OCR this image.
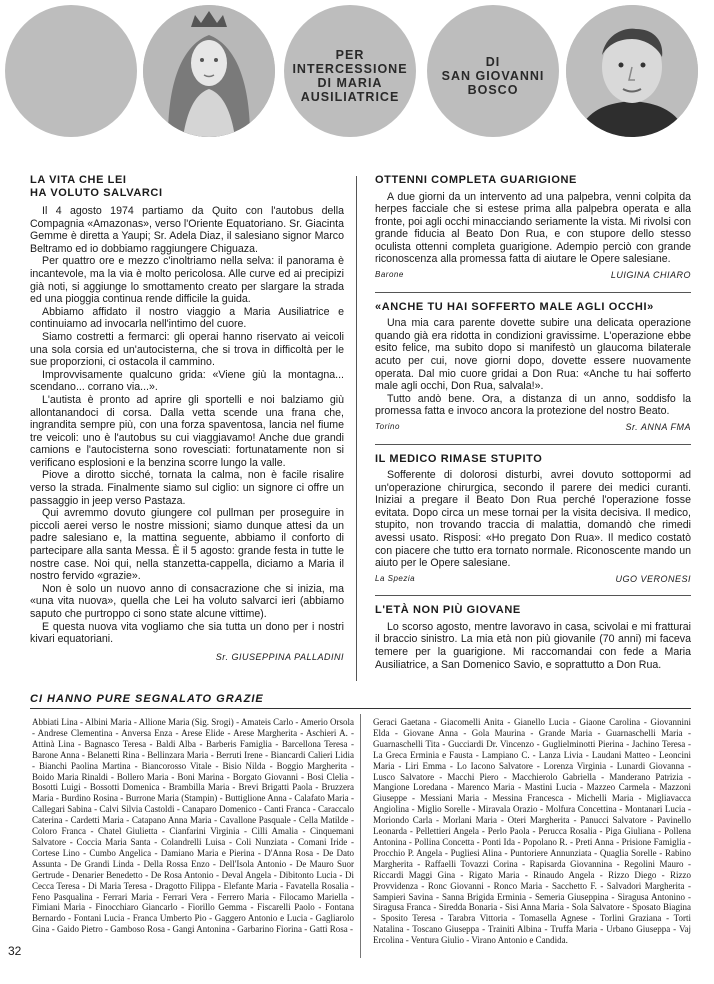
PER
INTERCESSIONE
DI MARIA
AUSILIATRICE
DI
SAN GIOVANNI
BOSCO
LA VITA CHE LEI
HA VOLUTO SALVARCI

Il 4 agosto 1974 partiamo da Quito con l'autobus della Compagnia «Amazonas», verso l'Oriente Equatoriano. Sr. Giacinta Gemme è diretta a Yaupi; Sr. Adela Diaz, il salesiano signor Marco Beltramo ed io dobbiamo raggiungere Chiguaza.

Per quattro ore e mezzo c'inoltriamo nella selva: il panorama è incantevole, ma la via è molto pericolosa. Alle curve ed ai precipizi già noti, si aggiunge lo smottamento creato per slargare la strada ed una pioggia continua rende difficile la guida.

Abbiamo affidato il nostro viaggio a Maria Ausiliatrice e continuiamo ad invocarla nell'intimo del cuore.

Siamo costretti a fermarci: gli operai hanno riservato ai veicoli una sola corsia ed un'autocisterna, che si trova in difficoltà per le sue proporzioni, ci ostacola il cammino.

Improvvisamente qualcuno grida: «Viene giù la montagna... scendano... corrano via...».

L'autista è pronto ad aprire gli sportelli e noi balziamo giù allontanandoci di corsa. Dalla vetta scende una frana che, ingrandita sempre più, con una forza spaventosa, lancia nel fiume tre veicoli: uno è l'autobus su cui viaggiavamo! Anche due grandi camions e l'autocisterna sono rovesciati: fortunatamente non si verificano esplosioni e la benzina scorre lungo la valle.

Piove a dirotto sicché, tornata la calma, non è facile risalire verso la strada. Finalmente siamo sul ciglio: un signore ci offre un passaggio in jeep verso Pastaza.

Qui avremmo dovuto giungere col pullman per proseguire in piccoli aerei verso le nostre missioni; siamo dunque attesi da un padre salesiano e, la mattina seguente, abbiamo il conforto di partecipare alla santa Messa. È il 5 agosto: grande festa in tutte le nostre case. Noi qui, nella stanzetta-cappella, diciamo a Maria il nostro fervido «grazie».

Non è solo un nuovo anno di consacrazione che si inizia, ma «una vita nuova», quella che Lei ha voluto salvarci ieri (abbiamo saputo che purtroppo ci sono state alcune vittime).

E questa nuova vita vogliamo che sia tutta un dono per i nostri kivari equatoriani.

Sr. GIUSEPPINA PALLADINI
OTTENNI COMPLETA GUARIGIONE

A due giorni da un intervento ad una palpebra, venni colpita da herpes facciale che si estese prima alla palpebra operata e alla fronte, poi agli occhi minacciando seriamente la vista. Mi rivolsi con grande fiducia al Beato Don Rua, e con stupore dello stesso oculista ottenni completa guarigione. Adempio perciò con grande riconoscenza alla promessa fatta di aiutare le Opere salesiane.

Barone	LUIGINA CHIARO
«ANCHE TU HAI SOFFERTO MALE AGLI OCCHI»

Una mia cara parente dovette subire una delicata operazione quando già era ridotta in condizioni gravissime. L'operazione ebbe esito felice, ma subito dopo si manifestò un glaucoma bilaterale acuto per cui, nove giorni dopo, dovette essere nuovamente operata. Dal mio cuore gridai a Don Rua: «Anche tu hai sofferto male agli occhi, Don Rua, salvala!».

Tutto andò bene. Ora, a distanza di un anno, soddisfo la promessa fatta e invoco ancora la protezione del nostro Beato.

Torino	Sr. ANNA FMA
IL MEDICO RIMASE STUPITO

Sofferente di dolorosi disturbi, avrei dovuto sottopormi ad un'operazione chirurgica, secondo il parere dei medici curanti. Iniziai a pregare il Beato Don Rua perché l'operazione fosse evitata. Dopo circa un mese tornai per la visita decisiva. Il medico, stupito, non trovando traccia di malattia, domandò che rimedi avessi usato. Risposi: «Ho pregato Don Rua». Il medico costatò con piacere che tutto era tornato normale. Riconoscente mando un aiuto per le Opere salesiane.

La Spezia	UGO VERONESI
L'ETÀ NON PIÙ GIOVANE

Lo scorso agosto, mentre lavoravo in casa, scivolai e mi fratturai il braccio sinistro. La mia età non più giovanile (70 anni) mi faceva temere per la guarigione. Mi raccomandai con fede a Maria Ausiliatrice, a San Domenico Savio, e soprattutto a Don Rua.

CI HANNO PURE SEGNALATO GRAZIE
Abbiati Lina - Albini Maria - Allione Maria (Sig. Srogi) - Amateis Carlo - Amerio Orsola - Andrese Clementina - Anversa Enza - Arese Elide - Arese Margherita - Aschieri A. - Attinà Lina - Bagnasco Teresa - Baldi Alba - Barberis Famiglia - Barcellona Teresa - Barone Anna - Belanetti Rina - Bellinzara Maria - Berruti Irene - Biancardi Calieri Lidia - Bianchi Paolina Martina - Biancorosso Vitale - Bisio Nilda - Boggio Margherita - Boido Maria Rinaldi - Bollero Maria - Boni Marina - Borgato Giovanni - Bosi Clelia - Bosotti Luigi - Bossotti Domenica - Brambilla Maria - Brevi Brigatti Paola - Bruzzera Maria - Burdino Rosina - Burrone Maria (Stampin) - Buttiglione Anna - Calafato Maria - Callegari Sabina - Calvi Silvia Castoldi - Canaparo Domenico - Canti Franca - Caraccalo Caterina - Cardetti Maria - Catapano Anna Maria - Cavallone Pasquale - Cella Matilde - Coloro Franca - Chatel Giulietta - Cianfarini Virginia - Cilli Amalia - Cinquemani Salvatore - Coccia Maria Santa - Colandrelli Luisa - Coli Nunziata - Comani Iride - Cortese Lino - Cumbo Angelica - Damiano Maria e Pierina - D'Anna Rosa - De Dato Assunta - De Grandi Linda - Della Rossa Enzo - Dell'Isola Antonio - De Mauro Suor Gertrude - Denarier Benedetto - De Rosa Antonio - Deval Angela - Dibitonto Lucia - Di Cecca Teresa - Di Maria Teresa - Dragotto Filippa - Elefante Maria - Favatella Rosalia - Feno Pasqualina - Ferrari Maria - Ferrari Vera - Ferrero Maria - Filocamo Mariella - Fimiani Maria - Finocchiaro Giancarlo - Fiorillo Gemma - Fiscarelli Paolo - Fontana Bernardo - Fontani Lucia - Franca Umberto Pio - Gaggero Antonio e Lucia - Gagliarolo Gina - Gaido Pietro - Gamboso Rosa - Gangi Antonina - Garbarino Fiorina - Gatti Rosa -
Geraci Gaetana - Giacomelli Anita - Gianello Lucia - Giaone Carolina - Giovannini Elda - Giovane Anna - Gola Maurina - Grande Maria - Guarnaschelli Maria - Guarnaschelli Tita - Gucciardi Dr. Vincenzo - Guglielminotti Pierina - Jachino Teresa - La Greca Erminia e Fausta - Lampiano C. - Lanza Livia - Laudani Matteo - Leoncini Maria - Liri Emma - Lo Iacono Salvatore - Lorenza Virginia - Lunardi Giovanna - Lusco Salvatore - Macchi Piero - Macchierolo Gabriella - Manderano Patrizia - Mangione Loredana - Marenco Maria - Mastini Lucia - Mazzeo Carmela - Mazzoni Giuseppe - Messiani Maria - Messina Francesca - Michelli Maria - Migliavacca Angiolina - Miglio Sorelle - Miravala Orazio - Molfura Concettina - Montanari Lucia - Moriondo Carla - Morlani Maria - Oteri Margherita - Panucci Salvatore - Pavinello Leonarda - Pellettieri Angela - Perlo Paola - Perucca Rosalia - Piga Giuliana - Pollena Antonina - Pollina Concetta - Ponti Ida - Popolano R. - Preti Anna - Prisione Famiglia - Procchio P. Angela - Pugliesi Alina - Puntoriere Annunziata - Quaglia Sorelle - Rabino Margherita - Raffaelli Tovazzi Corina - Rapisarda Giovannina - Regolini Mauro - Riccardi Maggi Gina - Rigato Maria - Rinaudo Angela - Rizzo Diego - Rizzo Provvidenza - Ronc Giovanni - Ronco Maria - Sacchetto F. - Salvadori Margherita - Sampieri Savina - Sanna Brigida Erminia - Semeria Giuseppina - Siragusa Antonino - Siragusa Franca - Siredda Bonaria - Sisi Anna Maria - Sola Salvatore - Sposato Biagina - Sposito Teresa - Tarabra Vittoria - Tomasella Agnese - Torlini Graziana - Torti Natalina - Toscano Giuseppa - Trainiti Albina - Truffa Maria - Urbano Giuseppa - Vaj Ercolina - Ventura Giulio - Virano Antonio e Candida.
32
